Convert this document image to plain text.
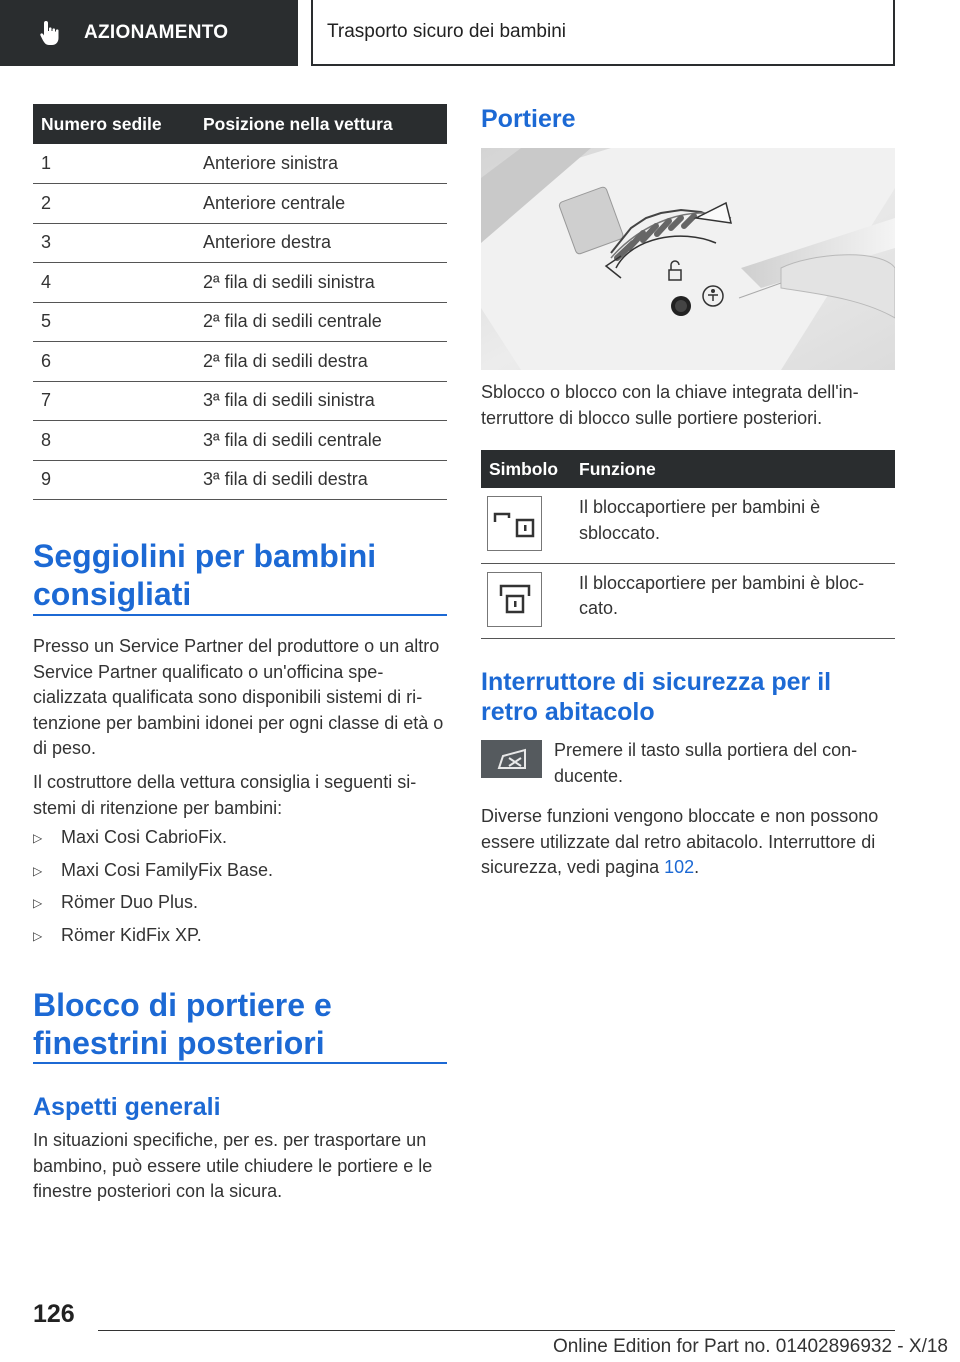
AZIONAMENTO	Trasporto sicuro dei bambini
Numero sedile	Posizione nella vettura
1	Anteriore sinistra
2	Anteriore centrale
3	Anteriore destra
4	2ª fila di sedili sinistra
5	2ª fila di sedili centrale
6	2ª fila di sedili destra
7	3ª fila di sedili sinistra
8	3ª fila di sedili centrale
9	3ª fila di sedili destra
Seggiolini per bambini
consigliati

Presso un Service Partner del produttore o un altro Service Partner qualificato o un'officina specializzata qualificata sono disponibili sistemi di ritenzione per bambini idonei per ogni classe di età o di peso.

Il costruttore della vettura consiglia i seguenti sistemi di ritenzione per bambini:

▷	Maxi Cosi CabrioFix.
▷	Maxi Cosi FamilyFix Base.
▷	Römer Duo Plus.
▷	Römer KidFix XP.
Blocco di portiere e
finestrini posteriori
Aspetti generali

In situazioni specifiche, per es. per trasportare un bambino, può essere utile chiudere le portiere e le finestre posteriori con la sicura.

Portiere

Sblocco o blocco con la chiave integrata dell'interruttore di blocco sulle portiere posteriori.

Simbolo	Funzione

	Il bloccaportiere per bambini è sbloccato.

	Il bloccaportiere per bambini è bloccato.
Interruttore di sicurezza per il
retro abitacolo

Premere il tasto sulla portiera del conducente.

Diverse funzioni vengono bloccate e non possono essere utilizzate dal retro abitacolo. Interruttore di sicurezza, vedi pagina 102.

126
Online Edition for Part no. 01402896932 - X/18
